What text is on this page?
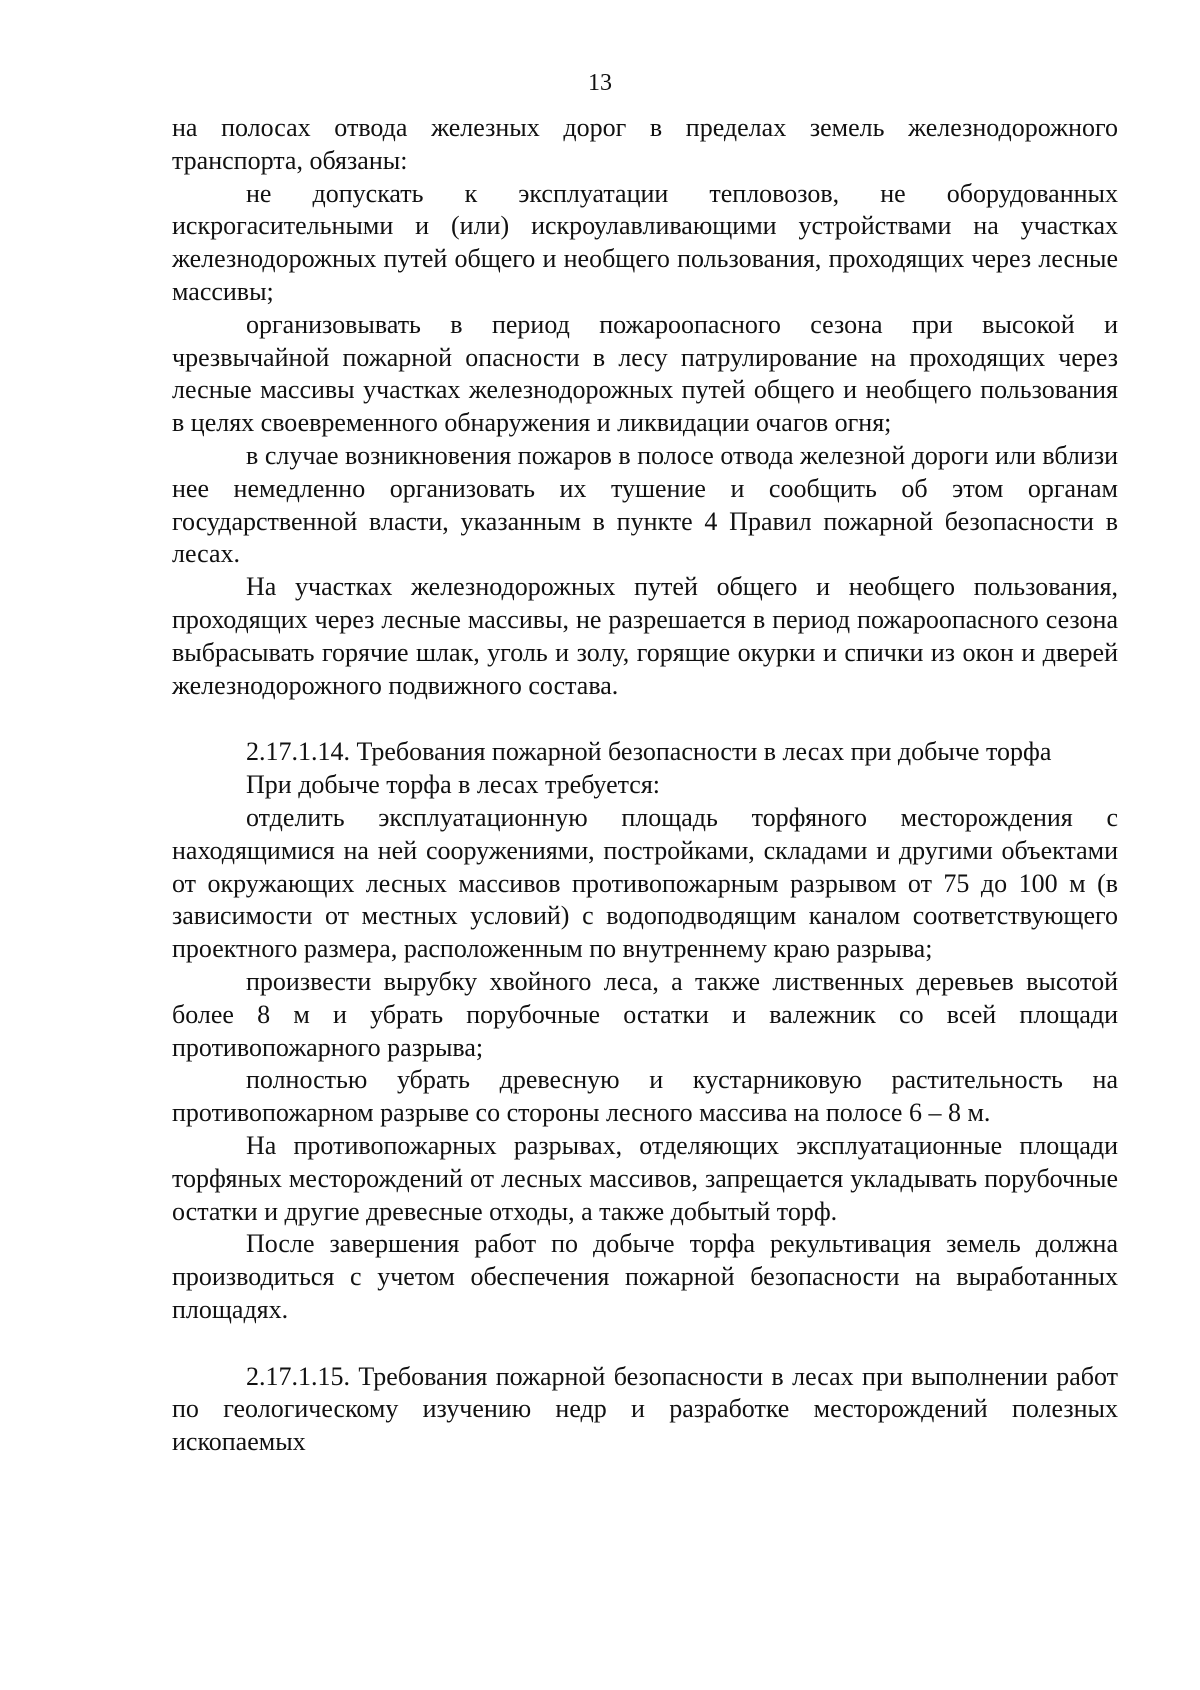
13

на полосах отвода железных дорог в пределах земель железнодорожного транспорта, обязаны:

не допускать к эксплуатации тепловозов, не оборудованных искрогасительными и (или) искроулавливающими устройствами на участках железнодорожных путей общего и необщего пользования, проходящих через лесные массивы;

организовывать в период пожароопасного сезона при высокой и чрезвычайной пожарной опасности в лесу патрулирование на проходящих через лесные массивы участках железнодорожных путей общего и необщего пользования в целях своевременного обнаружения и ликвидации очагов огня;

в случае возникновения пожаров в полосе отвода железной дороги или вблизи нее немедленно организовать их тушение и сообщить об этом органам государственной власти, указанным в пункте 4 Правил пожарной безопасности в лесах.

На участках железнодорожных путей общего и необщего пользования, проходящих через лесные массивы, не разрешается в период пожароопасного сезона выбрасывать горячие шлак, уголь и золу, горящие окурки и спички из окон и дверей железнодорожного подвижного состава.

2.17.1.14. Требования пожарной безопасности в лесах при добыче торфа

При добыче торфа в лесах требуется:

отделить эксплуатационную площадь торфяного месторождения с находящимися на ней сооружениями, постройками, складами и другими объектами от окружающих лесных массивов противопожарным разрывом от 75 до 100 м (в зависимости от местных условий) с водоподводящим каналом соответствующего проектного размера, расположенным по внутреннему краю разрыва;

произвести вырубку хвойного леса, а также лиственных деревьев высотой более 8 м и убрать порубочные остатки и валежник со всей площади противопожарного разрыва;

полностью убрать древесную и кустарниковую растительность на противопожарном разрыве со стороны лесного массива на полосе 6 – 8 м.

На противопожарных разрывах, отделяющих эксплуатационные площади торфяных месторождений от лесных массивов, запрещается укладывать порубочные остатки и другие древесные отходы, а также добытый торф.

После завершения работ по добыче торфа рекультивация земель должна производиться с учетом обеспечения пожарной безопасности на выработанных площадях.

2.17.1.15. Требования пожарной безопасности в лесах при выполнении работ по геологическому изучению недр и разработке месторождений полезных ископаемых
